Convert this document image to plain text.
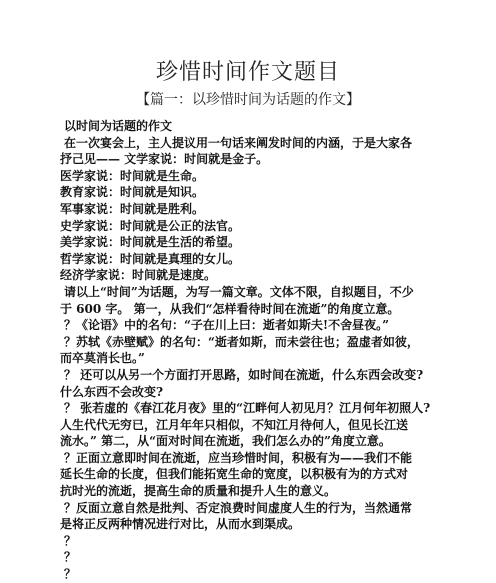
珍惜时间作文题目
【篇一：以珍惜时间为话题的作文】
以时间为话题的作文
在一次宴会上，主人提议用一句话来阐发时间的内涵，于是大家各
抒己见—— 文学家说：时间就是金子。
医学家说：时间就是生命。
教育家说：时间就是知识。
军事家说：时间就是胜利。
史学家说：时间就是公正的法官。
美学家说：时间就是生活的希望。
哲学家说：时间就是真理的女儿。
经济学家说：时间就是速度。
请以上“时间”为话题，为写一篇文章。文体不限，自拟题目，不少
于 600 字。 第一，从我们“怎样看待时间在流逝”的角度立意。
？《论语》中的名句：“子在川上曰：逝者如斯夫!不舍昼夜。”
？苏轼《赤壁赋》的名句：“逝者如斯，而未尝往也；盈虚者如彼，
而卒莫消长也。”
？ 还可以从另一个方面打开思路，如时间在流逝，什么东西会改变?
什么东西不会改变?
？ 张若虚的《春江花月夜》里的“江畔何人初见月？江月何年初照人?
人生代代无穷已，江月年年只相似，不知江月待何人，但见长江送
流水。” 第二，从“面对时间在流逝，我们怎么办的”角度立意。
？正面立意即时间在流逝，应当珍惜时间，积极有为——我们不能
延长生命的长度，但我们能拓宽生命的宽度，以积极有为的方式对
抗时光的流逝，提高生命的质量和提升人生的意义。
？反面立意自然是批判、否定浪费时间虚度人生的行为，当然通常
是将正反两种情况进行对比，从而水到渠成。
？
？
？
